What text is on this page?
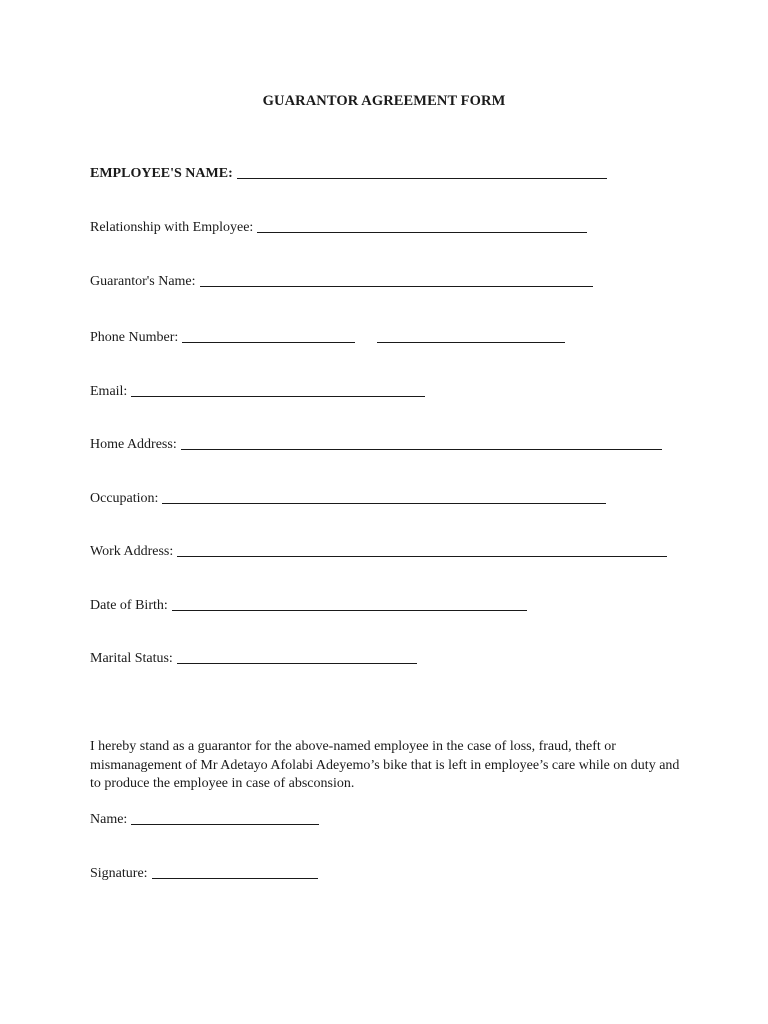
GUARANTOR AGREEMENT FORM
EMPLOYEE'S NAME:
Relationship with Employee:
Guarantor's Name:
Phone Number:
Email:
Home Address:
Occupation:
Work Address:
Date of Birth:
Marital Status:
I hereby stand as a guarantor for the above-named employee in the case of loss, fraud, theft or mismanagement of Mr Adetayo Afolabi Adeyemo’s bike that is left in employee’s care while on duty and to produce the employee in case of absconsion.
Name:
Signature:
